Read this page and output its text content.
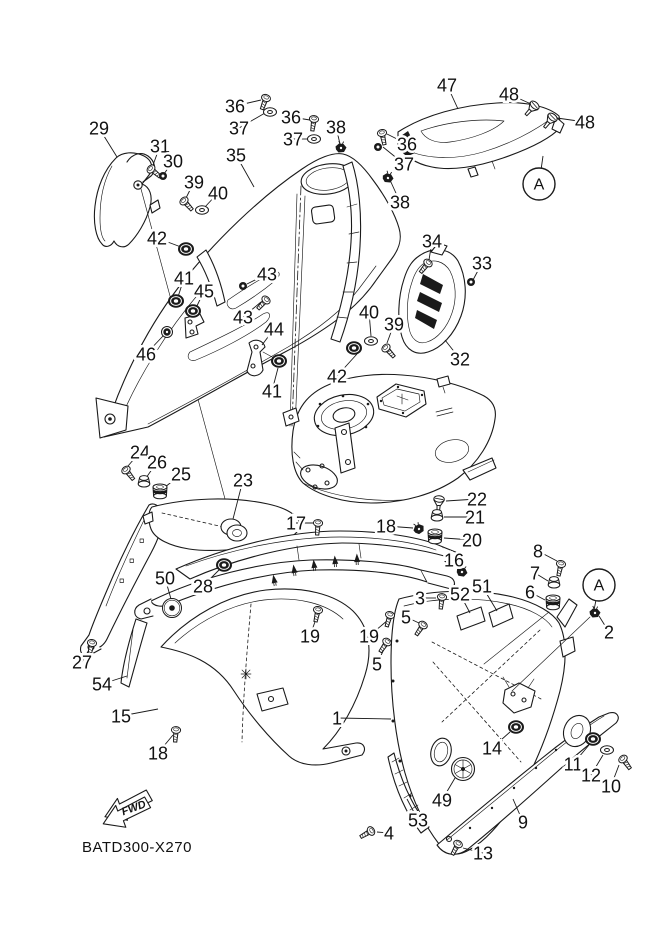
FWD
BATD300-X270
36
37
36
37
38
47 48
48
36
37
38
29
31
30 35
39
40
42
41
45
43
43
46
44
41
34
33
40
39
32
42
24
26
25 23
17	18
22
21
20
16	8
7
6
2
51
52
3
5
19 19
5
50 28
27
54
15
18
1
49
53
4
13
14
11
12
10
9
A
A
